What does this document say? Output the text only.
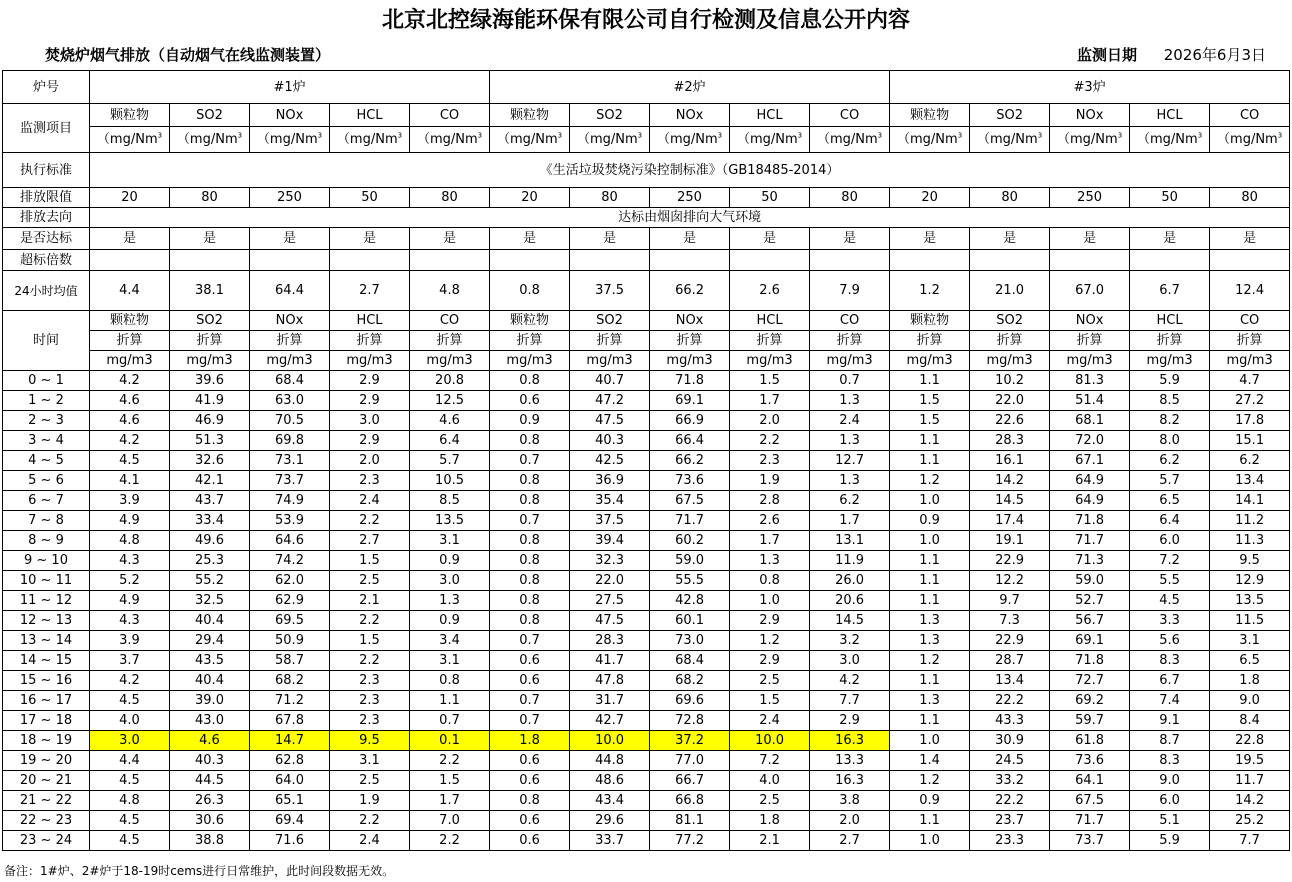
北京北控绿海能环保有限公司自行检测及信息公开内容
焚烧炉烟气排放（自动烟气在线监测装置）	监测日期 2026年6月3日
炉号	#1炉					#2炉					#3炉				
监测项目	颗粒物	SO2	NOx	HCL	CO	颗粒物	SO2	NOx	HCL	CO	颗粒物	SO2	NOx	HCL	CO
	（mg/Nm$^3$	（mg/Nm$^3$	（mg/Nm$^3$	（mg/Nm$^3$	（mg/Nm$^3$	（mg/Nm$^3$	（mg/Nm$^3$	（mg/Nm$^3$	（mg/Nm$^3$	（mg/Nm$^3$	（mg/Nm$^3$	（mg/Nm$^3$	（mg/Nm$^3$	（mg/Nm$^3$	（mg/Nm$^3$
执行标准	《生活垃圾焚烧污染控制标准》（GB18485-2014）														
排放限值	20	80	250	50	80	20	80	250	50	80	20	80	250	50	80
排放去向	达标由烟囱排向大气环境														
是否达标	是	是	是	是	是	是	是	是	是	是	是	是	是	是	是
超标倍数															
24小时均值	4.4	38.1	64.4	2.7	4.8	0.8	37.5	66.2	2.6	7.9	1.2	21.0	67.0	6.7	12.4
时间	颗粒物	SO2	NOx	HCL	CO	颗粒物	SO2	NOx	HCL	CO	颗粒物	SO2	NOx	HCL	CO
	折算	折算	折算	折算	折算	折算	折算	折算	折算	折算	折算	折算	折算	折算	折算
	mg/m3	mg/m3	mg/m3	mg/m3	mg/m3	mg/m3	mg/m3	mg/m3	mg/m3	mg/m3	mg/m3	mg/m3	mg/m3	mg/m3	mg/m3
0 ~ 1	4.2	39.6	68.4	2.9	20.8	0.8	40.7	71.8	1.5	0.7	1.1	10.2	81.3	5.9	4.7
1 ~ 2	4.6	41.9	63.0	2.9	12.5	0.6	47.2	69.1	1.7	1.3	1.5	22.0	51.4	8.5	27.2
2 ~ 3	4.6	46.9	70.5	3.0	4.6	0.9	47.5	66.9	2.0	2.4	1.5	22.6	68.1	8.2	17.8
3 ~ 4	4.2	51.3	69.8	2.9	6.4	0.8	40.3	66.4	2.2	1.3	1.1	28.3	72.0	8.0	15.1
4 ~ 5	4.5	32.6	73.1	2.0	5.7	0.7	42.5	66.2	2.3	12.7	1.1	16.1	67.1	6.2	6.2
5 ~ 6	4.1	42.1	73.7	2.3	10.5	0.8	36.9	73.6	1.9	1.3	1.2	14.2	64.9	5.7	13.4
6 ~ 7	3.9	43.7	74.9	2.4	8.5	0.8	35.4	67.5	2.8	6.2	1.0	14.5	64.9	6.5	14.1
7 ~ 8	4.9	33.4	53.9	2.2	13.5	0.7	37.5	71.7	2.6	1.7	0.9	17.4	71.8	6.4	11.2
8 ~ 9	4.8	49.6	64.6	2.7	3.1	0.8	39.4	60.2	1.7	13.1	1.0	19.1	71.7	6.0	11.3
9 ~ 10	4.3	25.3	74.2	1.5	0.9	0.8	32.3	59.0	1.3	11.9	1.1	22.9	71.3	7.2	9.5
10 ~ 11	5.2	55.2	62.0	2.5	3.0	0.8	22.0	55.5	0.8	26.0	1.1	12.2	59.0	5.5	12.9
11 ~ 12	4.9	32.5	62.9	2.1	1.3	0.8	27.5	42.8	1.0	20.6	1.1	9.7	52.7	4.5	13.5
12 ~ 13	4.3	40.4	69.5	2.2	0.9	0.8	47.5	60.1	2.9	14.5	1.3	7.3	56.7	3.3	11.5
13 ~ 14	3.9	29.4	50.9	1.5	3.4	0.7	28.3	73.0	1.2	3.2	1.3	22.9	69.1	5.6	3.1
14 ~ 15	3.7	43.5	58.7	2.2	3.1	0.6	41.7	68.4	2.9	3.0	1.2	28.7	71.8	8.3	6.5
15 ~ 16	4.2	40.4	68.2	2.3	0.8	0.6	47.8	68.2	2.5	4.2	1.1	13.4	72.7	6.7	1.8
16 ~ 17	4.5	39.0	71.2	2.3	1.1	0.7	31.7	69.6	1.5	7.7	1.3	22.2	69.2	7.4	9.0
17 ~ 18	4.0	43.0	67.8	2.3	0.7	0.7	42.7	72.8	2.4	2.9	1.1	43.3	59.7	9.1	8.4
18 ~ 19	3.0	4.6	14.7	9.5	0.1	1.8	10.0	37.2	10.0	16.3	1.0	30.9	61.8	8.7	22.8
19 ~ 20	4.4	40.3	62.8	3.1	2.2	0.6	44.8	77.0	7.2	13.3	1.4	24.5	73.6	8.3	19.5
20 ~ 21	4.5	44.5	64.0	2.5	1.5	0.6	48.6	66.7	4.0	16.3	1.2	33.2	64.1	9.0	11.7
21 ~ 22	4.8	26.3	65.1	1.9	1.7	0.8	43.4	66.8	2.5	3.8	0.9	22.2	67.5	6.0	14.2
22 ~ 23	4.5	30.6	69.4	2.2	7.0	0.6	29.6	81.1	1.8	2.0	1.1	23.7	71.7	5.1	25.2
23 ~ 24	4.5	38.8	71.6	2.4	2.2	0.6	33.7	77.2	2.1	2.7	1.0	23.3	73.7	5.9	7.7
备注：1#炉、2#炉于18-19时cems进行日常维护，此时间段数据无效。
